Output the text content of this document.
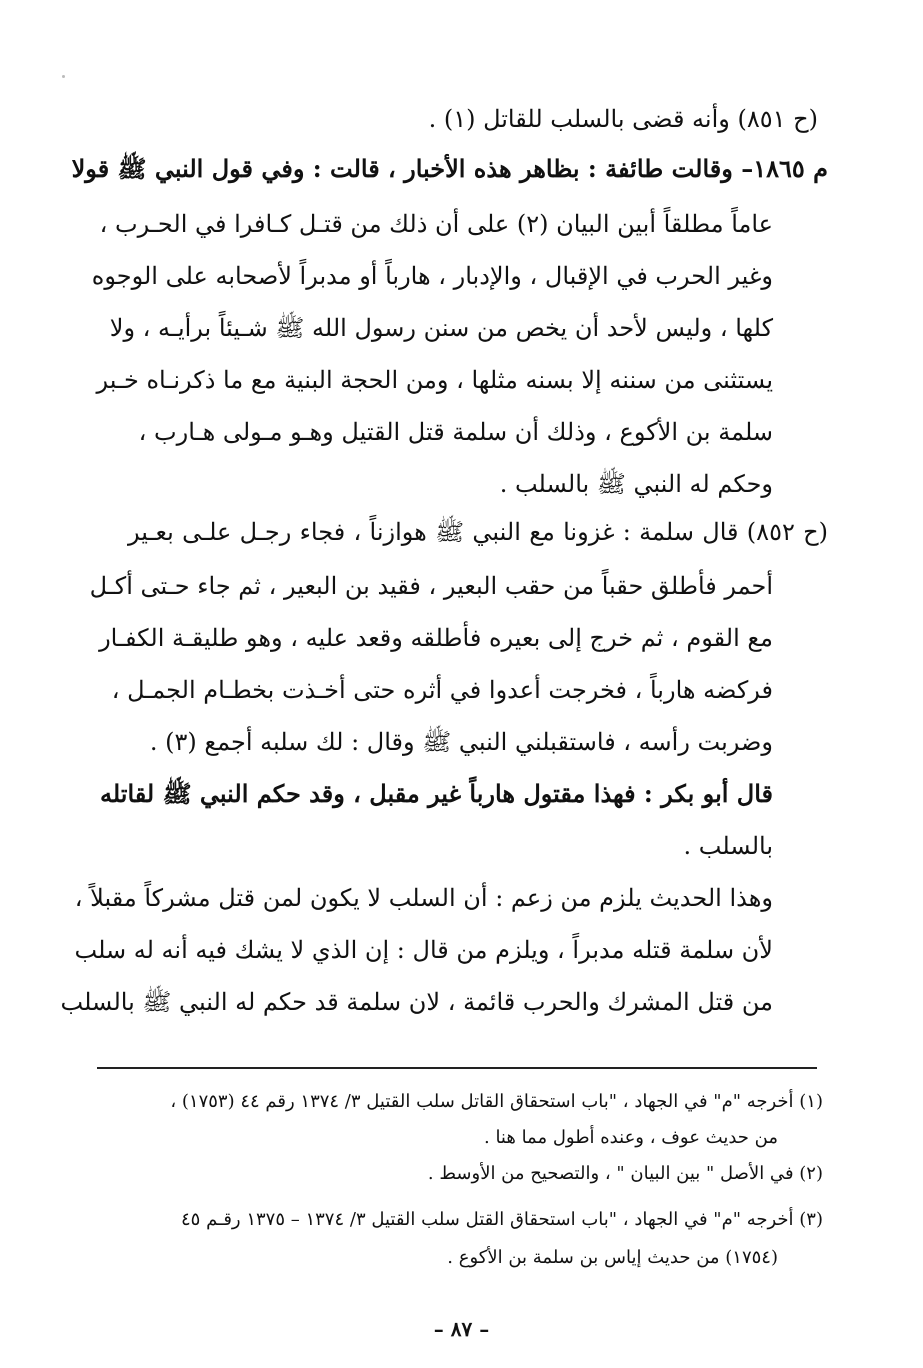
(ح ٨٥١) وأنه قضى بالسلب للقاتل (١) .
م ١٨٦٥– وقالت طائفة : بظاهر هذه الأخبار ، قالت : وفي قول النبي ﷺ قولا
عاماً مطلقاً أبين البيان (٢) على أن ذلك من قتـل كـافرا في الحـرب ،
وغير الحرب في الإقبال ، والإدبار ، هارباً أو مدبراً لأصحابه على الوجوه
كلها ، وليس لأحد أن يخص من سنن رسول الله ﷺ شـيئاً برأيـه ، ولا
يستثنى من سننه إلا بسنه مثلها ، ومن الحجة البنية مع ما ذكرنـاه خـبر
سلمة بن الأكوع ، وذلك أن سلمة قتل القتيل وهـو مـولى هـارب ،
وحكم له النبي ﷺ بالسلب .
(ح ٨٥٢) قال سلمة : غزونا مع النبي ﷺ هوازناً ، فجاء رجـل علـى بعـير
أحمر فأطلق حقباً من حقب البعير ، فقيد بن البعير ، ثم جاء حـتى أكـل
مع القوم ، ثم خرج إلى بعيره فأطلقه وقعد عليه ، وهو طليقـة الكفـار
فركضه هارباً ، فخرجت أعدوا في أثره حتى أخـذت بخطـام الجمـل ،
وضربت رأسه ، فاستقبلني النبي ﷺ وقال : لك سلبه أجمع (٣) .
قال أبو بكر : فهذا مقتول هارباً غير مقبل ، وقد حكم النبي ﷺ لقاتله
بالسلب .
وهذا الحديث يلزم من زعم : أن السلب لا يكون لمن قتل مشركاً مقبلاً ،
لأن سلمة قتله مدبراً ، ويلزم من قال : إن الذي لا يشك فيه أنه له سلب
من قتل المشرك والحرب قائمة ، لان سلمة قد حكم له النبي ﷺ بالسلب
(١) أخرجه "م" في الجهاد ، "باب استحقاق القاتل سلب القتيل ٣/ ١٣٧٤ رقم ٤٤ (١٧٥٣) ،
من حديث عوف ، وعنده أطول مما هنا .
(٢) في الأصل " بين البيان " ، والتصحيح من الأوسط .
(٣) أخرجه "م" في الجهاد ، "باب استحقاق القتل سلب القتيل ٣/ ١٣٧٤ – ١٣٧٥ رقـم ٤٥
(١٧٥٤) من حديث إياس بن سلمة بن الأكوع .
– ٨٧ –
